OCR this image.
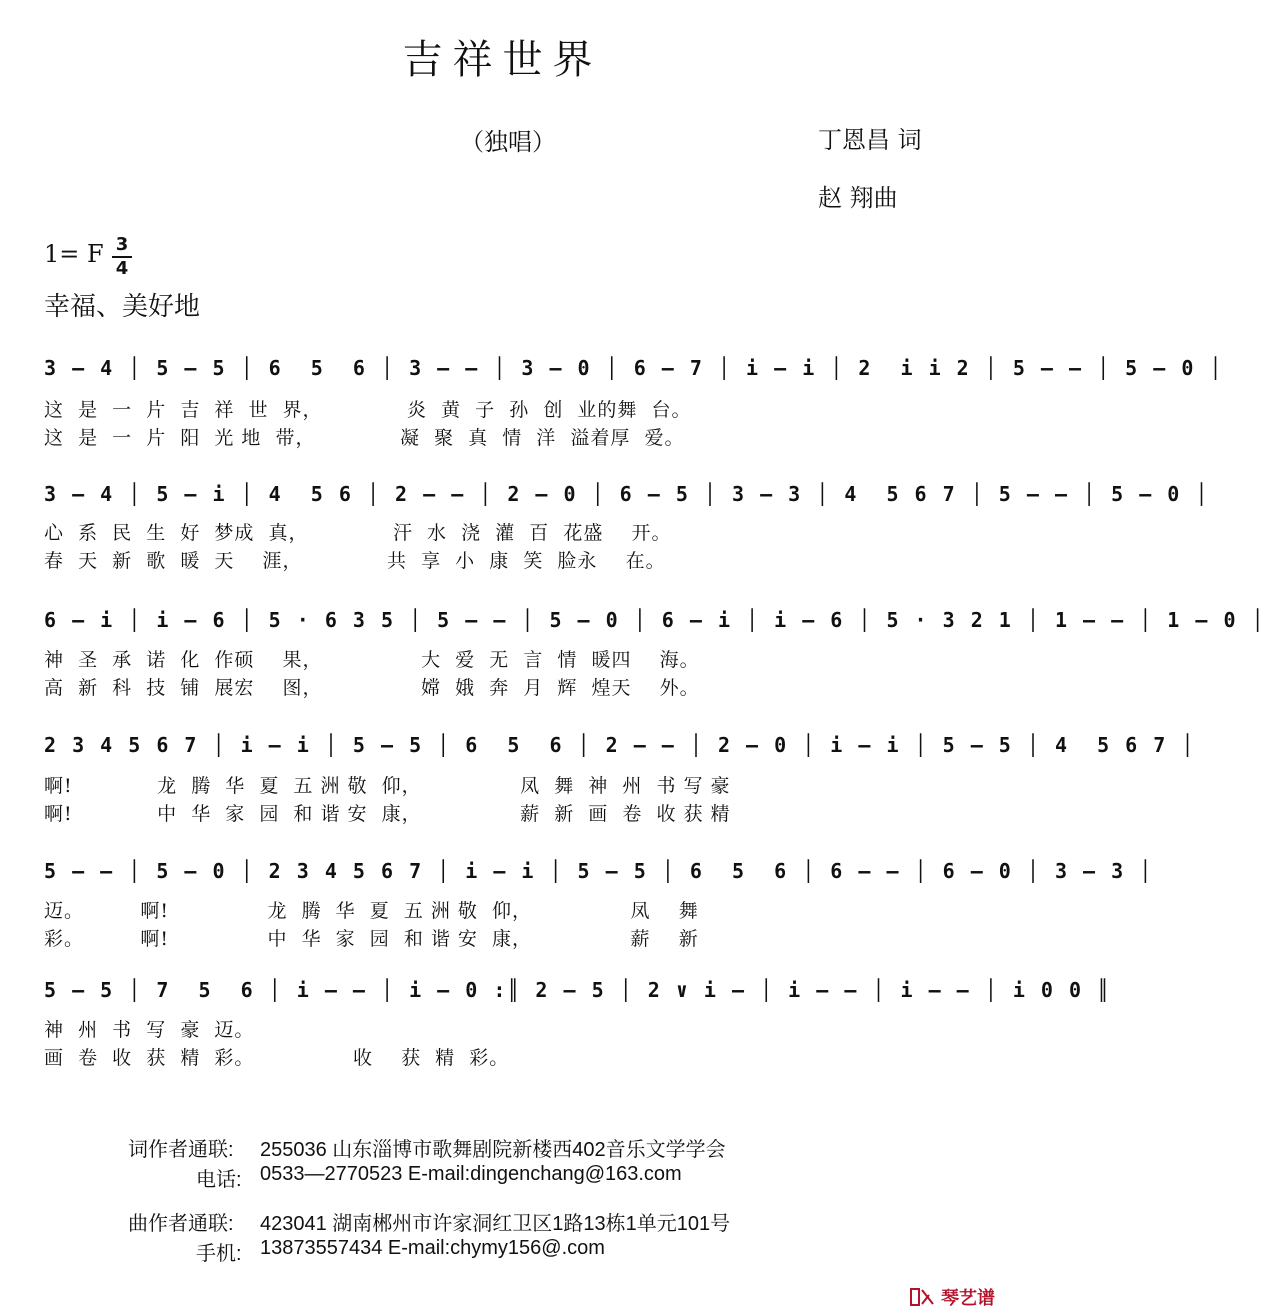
吉祥世界
（独唱）	丁恩昌 词
赵 翔曲
1= F 3
4
幸福、美好地
3 – 4 │ 5 – 5 │ 6  5  6 │ 3 – – │ 3 – 0 │ 6 – 7 │ i – i │ 2  i i 2 │ 5 – – │ 5 – 0 │
这  是  一  片  吉  祥  世  界，            炎  黄  子  孙  创  业的舞  台。
这  是  一  片  阳  光 地  带，            凝  聚  真  情  洋  溢着厚  爱。
3 – 4 │ 5 – i │ 4  5 6 │ 2 – – │ 2 – 0 │ 6 – 5 │ 3 – 3 │ 4  5 6 7 │ 5 – – │ 5 – 0 │
心  系  民  生  好  梦成  真，            汗  水  浇  灌  百  花盛    开。
春  天  新  歌  暖  天    涯，            共  享  小  康  笑  脸永    在。
6 – i │ i – 6 │ 5 · 6 3 5 │ 5 – – │ 5 – 0 │ 6 – i │ i – 6 │ 5 · 3 2 1 │ 1 – – │ 1 – 0 │
神  圣  承  诺  化  作硕    果，              大  爱  无  言  情  暖四    海。
高  新  科  技  铺  展宏    图，              嫦  娥  奔  月  辉  煌天    外。
2 3 4 5 6 7 │ i – i │ 5 – 5 │ 6  5  6 │ 2 – – │ 2 – 0 │ i – i │ 5 – 5 │ 4  5 6 7 │
啊!            龙  腾  华  夏  五 洲 敬  仰，              凤  舞  神  州  书 写 豪
啊!            中  华  家  园  和 谐 安  康，              薪  新  画  卷  收 获 精
5 – – │ 5 – 0 │ 2 3 4 5 6 7 │ i – i │ 5 – 5 │ 6  5  6 │ 6 – – │ 6 – 0 │ 3 – 3 │
迈。        啊!              龙  腾  华  夏  五 洲 敬  仰，              凤    舞
彩。        啊!              中  华  家  园  和 谐 安  康，              薪    新
5 – 5 │ 7  5  6 │ i – – │ i – 0 :║ 2 – 5 │ 2 ∨ i – │ i – – │ i – – │ i 0 0 ║
神  州  书  写  豪  迈。
画  卷  收  获  精  彩。              收    获  精  彩。
词作者通联: 255036 山东淄博市歌舞剧院新楼西402音乐文学学会
电话: 0533—2770523 E-mail:dingenchang@163.com
曲作者通联: 423041 湖南郴州市许家洞红卫区1路13栋1单元101号
手机: 13873557434 E-mail:chymy156@.com
琴艺谱
